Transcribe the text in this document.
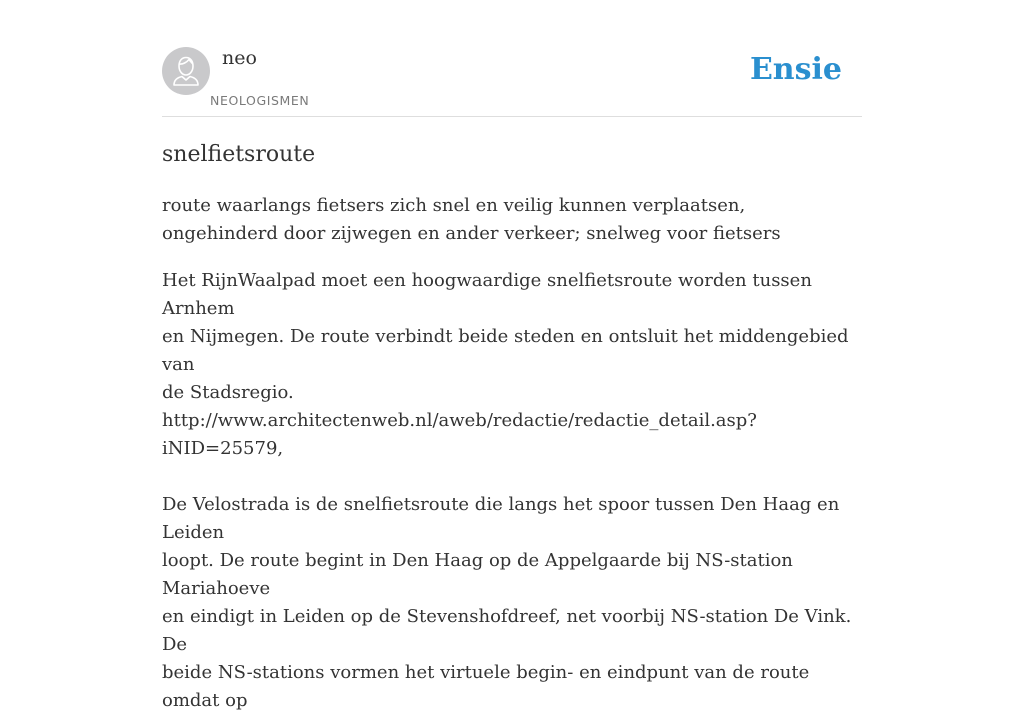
neo
NEOLOGISMEN
Ensie
snelfietsroute

route waarlangs fietsers zich snel en veilig kunnen verplaatsen, ongehinderd door zijwegen en ander verkeer; snelweg voor fietsers

Het RijnWaalpad moet een hoogwaardige snelfietsroute worden tussen Arnhem
en Nijmegen. De route verbindt beide steden en ontsluit het middengebied van
de Stadsregio.
http://www.architectenweb.nl/aweb/redactie/redactie_detail.asp?iNID=25579,
De Velostrada is de snelfietsroute die langs het spoor tussen Den Haag en Leiden
loopt. De route begint in Den Haag op de Appelgaarde bij NS-station Mariahoeve
en eindigt in Leiden op de Stevenshofdreef, net voorbij NS-station De Vink. De
beide NS-stations vormen het virtuele begin- en eindpunt van de route omdat op
